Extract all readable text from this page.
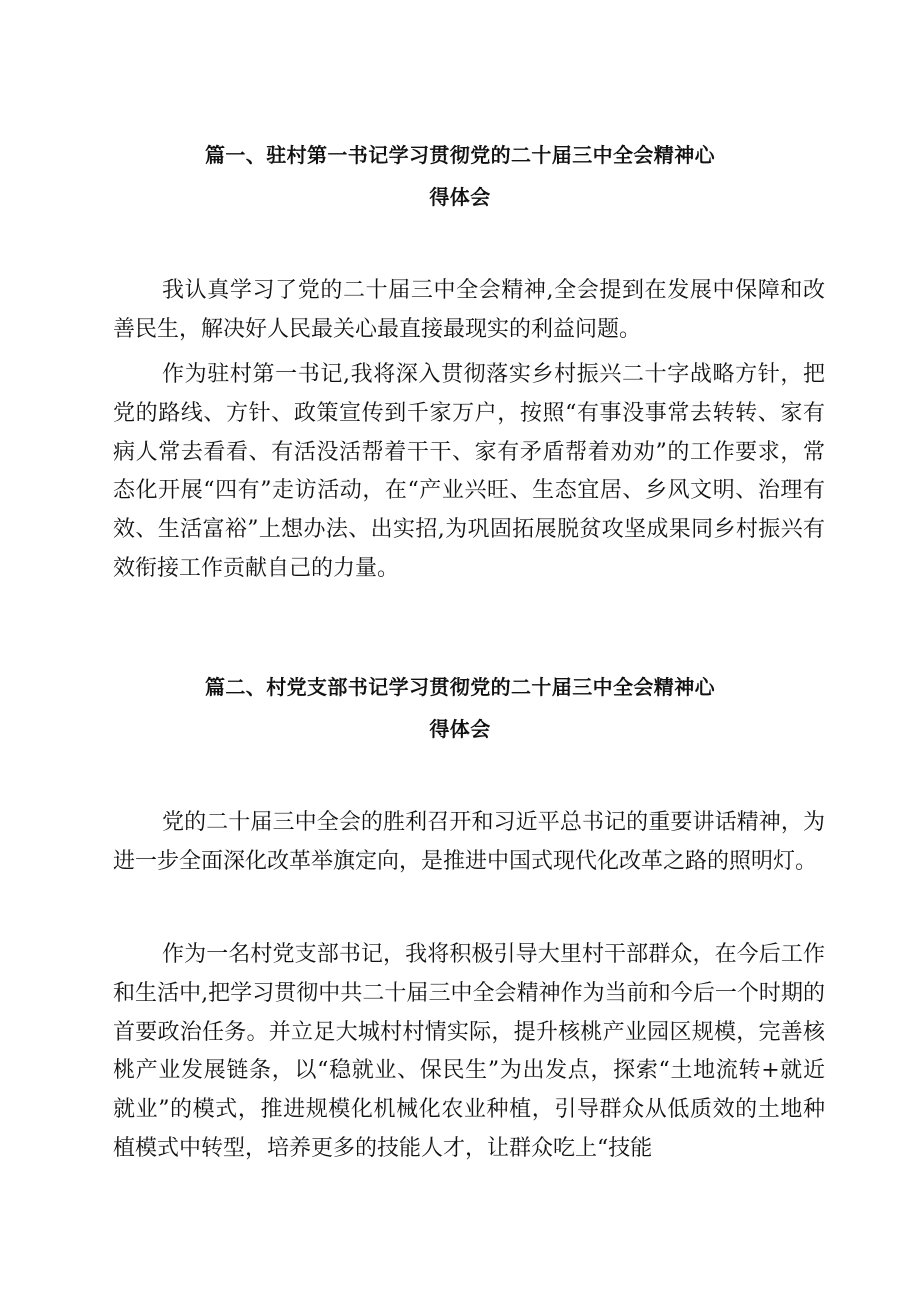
篇一、驻村第一书记学习贯彻党的二十届三中全会精神心
得体会

我认真学习了党的二十届三中全会精神,全会提到在发展中保障和改善民生，解决好人民最关心最直接最现实的利益问题。

作为驻村第一书记,我将深入贯彻落实乡村振兴二十字战略方针，把党的路线、方针、政策宣传到千家万户，按照“有事没事常去转转、家有病人常去看看、有活没活帮着干干、家有矛盾帮着劝劝”的工作要求，常态化开展“四有”走访活动，在“产业兴旺、生态宜居、乡风文明、治理有效、生活富裕”上想办法、出实招,为巩固拓展脱贫攻坚成果同乡村振兴有效衔接工作贡献自己的力量。

篇二、村党支部书记学习贯彻党的二十届三中全会精神心
得体会

党的二十届三中全会的胜利召开和习近平总书记的重要讲话精神，为进一步全面深化改革举旗定向，是推进中国式现代化改革之路的照明灯。

作为一名村党支部书记，我将积极引导大里村干部群众，在今后工作和生活中,把学习贯彻中共二十届三中全会精神作为当前和今后一个时期的首要政治任务。并立足大城村村情实际，提升核桃产业园区规模，完善核桃产业发展链条，以“稳就业、保民生”为出发点，探索“土地流转+就近就业”的模式，推进规模化机械化农业种植，引导群众从低质效的土地种植模式中转型，培养更多的技能人才，让群众吃上“技能
